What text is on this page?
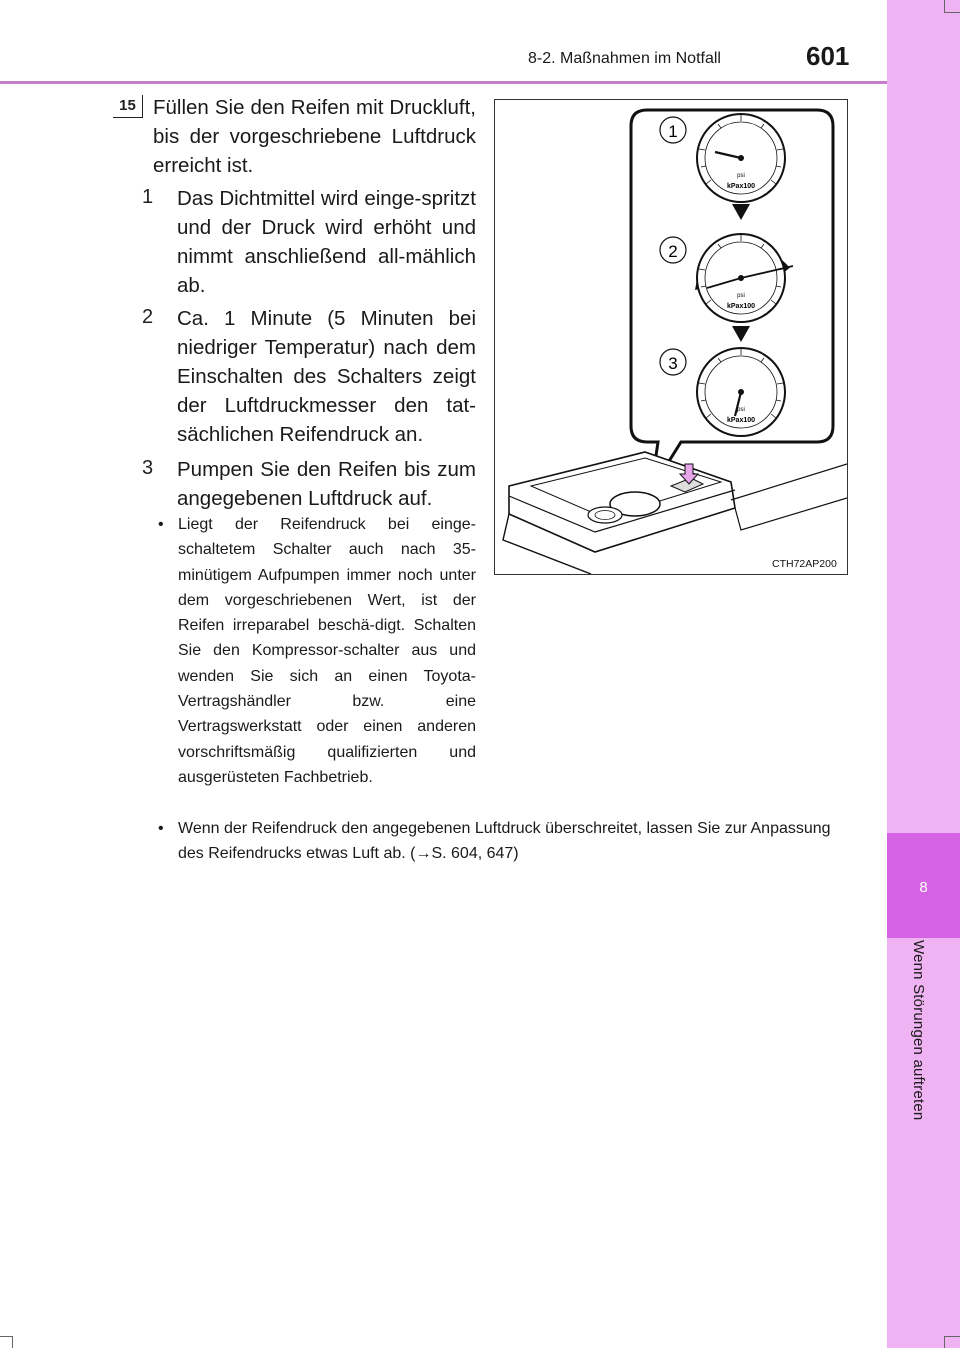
8
Wenn Störungen auftreten
8-2. Maßnahmen im Notfall	601
15 Füllen Sie den Reifen mit Druckluft, bis der vorgeschriebene Luftdruck erreicht ist.
1 Das Dichtmittel wird einge-spritzt und der Druck wird erhöht und nimmt anschließend all-mählich ab.
2 Ca. 1 Minute (5 Minuten bei niedriger Temperatur) nach dem Einschalten des Schalters zeigt der Luftdruckmesser den tat-sächlichen Reifendruck an.
3 Pumpen Sie den Reifen bis zum angegebenen Luftdruck auf.
• Liegt der Reifendruck bei einge-schaltetem Schalter auch nach 35-minütigem Aufpumpen immer noch unter dem vorgeschriebenen Wert, ist der Reifen irreparabel beschä-digt. Schalten Sie den Kompressor-schalter aus und wenden Sie sich an einen Toyota-Vertragshändler bzw. eine Vertragswerkstatt oder einen anderen vorschriftsmäßig qualifizierten und ausgerüsteten Fachbetrieb.
• Wenn der Reifendruck den angegebenen Luftdruck überschreitet, lassen Sie zur Anpassung des Reifendrucks etwas Luft ab. (→S. 604, 647)
1
2
3
psi
kPax100
psi
kPax100
psi
kPax100
CTH72AP200
